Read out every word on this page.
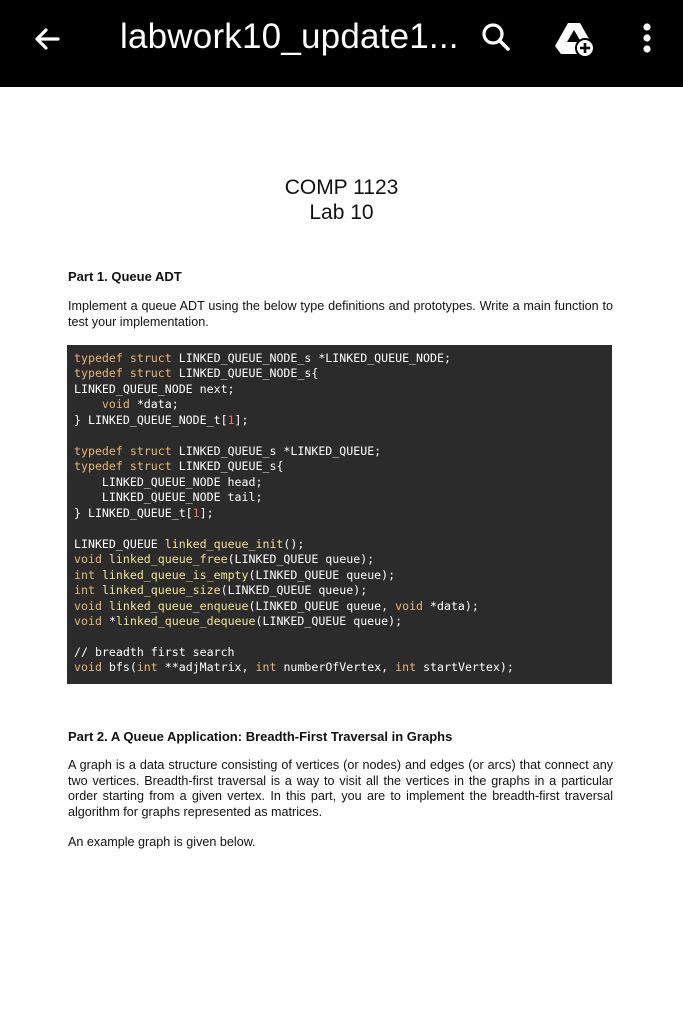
labwork10_update1...
COMP 1123
Lab 10
Part 1. Queue ADT
Implement a queue ADT using the below type definitions and prototypes. Write a main function to test your implementation.
typedef struct LINKED_QUEUE_NODE_s *LINKED_QUEUE_NODE;
typedef struct LINKED_QUEUE_NODE_s{
LINKED_QUEUE_NODE next;
void *data;
} LINKED_QUEUE_NODE_t[1];
typedef struct LINKED_QUEUE_s *LINKED_QUEUE;
typedef struct LINKED_QUEUE_s{
LINKED_QUEUE_NODE head;
LINKED_QUEUE_NODE tail;
} LINKED_QUEUE_t[1];
LINKED_QUEUE linked_queue_init();
void linked_queue_free(LINKED_QUEUE queue);
int linked_queue_is_empty(LINKED_QUEUE queue);
int linked_queue_size(LINKED_QUEUE queue);
void linked_queue_enqueue(LINKED_QUEUE queue, void *data);
void *linked_queue_dequeue(LINKED_QUEUE queue);
// breadth first search
void bfs(int **adjMatrix, int numberOfVertex, int startVertex);
Part 2. A Queue Application: Breadth-First Traversal in Graphs
A graph is a data structure consisting of vertices (or nodes) and edges (or arcs) that connect any two vertices. Breadth-first traversal is a way to visit all the vertices in the graphs in a particular order starting from a given vertex. In this part, you are to implement the breadth-first traversal algorithm for graphs represented as matrices.
An example graph is given below.
